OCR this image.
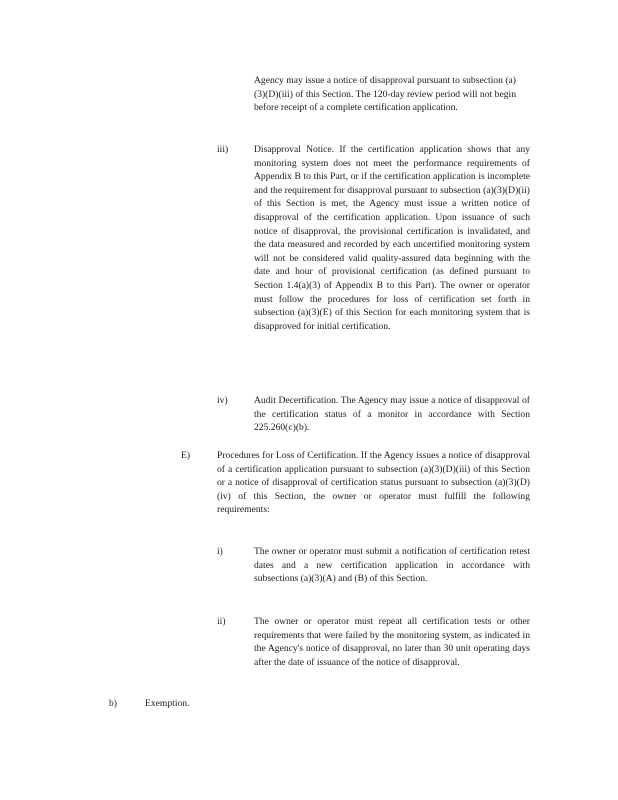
Agency may issue a notice of disapproval pursuant to subsection (a)(3)(D)(iii) of this Section. The 120-day review period will not begin before receipt of a complete certification application.

iii)	Disapproval Notice. If the certification application shows that any monitoring system does not meet the performance requirements of Appendix B to this Part, or if the certification application is incomplete and the requirement for disapproval pursuant to subsection (a)(3)(D)(ii) of this Section is met, the Agency must issue a written notice of disapproval of the certification application. Upon issuance of such notice of disapproval, the provisional certification is invalidated, and the data measured and recorded by each uncertified monitoring system will not be considered valid quality-assured data beginning with the date and hour of provisional certification (as defined pursuant to Section 1.4(a)(3) of Appendix B to this Part). The owner or operator must follow the procedures for loss of certification set forth in subsection (a)(3)(E) of this Section for each monitoring system that is disapproved for initial certification.

iv)	Audit Decertification. The Agency may issue a notice of disapproval of the certification status of a monitor in accordance with Section 225.260(c)(b).

E)	Procedures for Loss of Certification. If the Agency issues a notice of disapproval of a certification application pursuant to subsection (a)(3)(D)(iii) of this Section or a notice of disapproval of certification status pursuant to subsection (a)(3)(D)(iv) of this Section, the owner or operator must fulfill the following requirements:

i)	The owner or operator must submit a notification of certification retest dates and a new certification application in accordance with subsections (a)(3)(A) and (B) of this Section.

ii)	The owner or operator must repeat all certification tests or other requirements that were failed by the monitoring system, as indicated in the Agency's notice of disapproval, no later than 30 unit operating days after the date of issuance of the notice of disapproval.

b)	Exemption.
